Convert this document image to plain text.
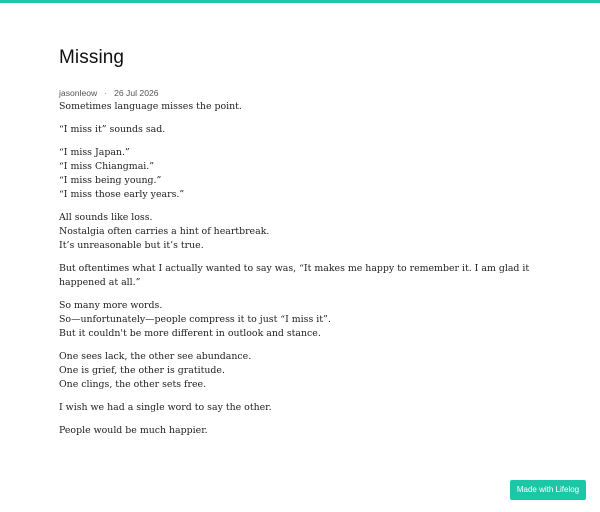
Missing
jasonleow · 26 Jul 2026

Sometimes language misses the point.

“I miss it” sounds sad.

“I miss Japan.”
“I miss Chiangmai.”
“I miss being young.”
“I miss those early years.”

All sounds like loss.
Nostalgia often carries a hint of heartbreak.
It’s unreasonable but it’s true.

But oftentimes what I actually wanted to say was, “It makes me happy to remember it. I am glad it happened at all.”

So many more words.
So—unfortunately—people compress it to just “I miss it”.
But it couldn't be more different in outlook and stance.

One sees lack, the other see abundance.
One is grief, the other is gratitude.
One clings, the other sets free.

I wish we had a single word to say the other.

People would be much happier.

Made with Lifelog
